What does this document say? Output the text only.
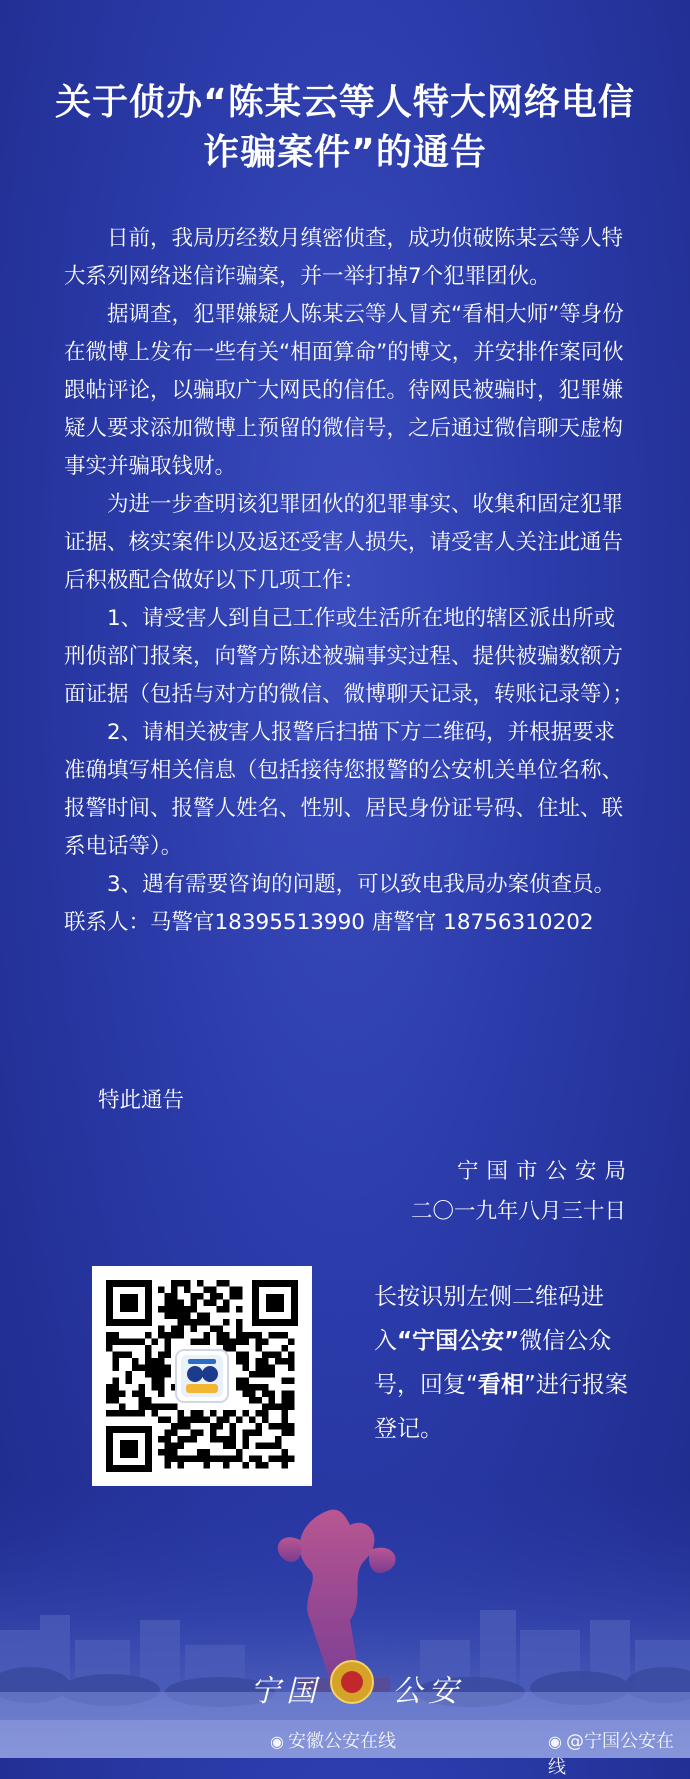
关于侦办“陈某云等人特大网络电信
诈骗案件”的通告

日前，我局历经数月缜密侦查，成功侦破陈某云等人特大系列网络迷信诈骗案，并一举打掉7个犯罪团伙。

据调查，犯罪嫌疑人陈某云等人冒充“看相大师”等身份在微博上发布一些有关“相面算命”的博文，并安排作案同伙跟帖评论，以骗取广大网民的信任。待网民被骗时，犯罪嫌疑人要求添加微博上预留的微信号，之后通过微信聊天虚构事实并骗取钱财。

为进一步查明该犯罪团伙的犯罪事实、收集和固定犯罪证据、核实案件以及返还受害人损失，请受害人关注此通告后积极配合做好以下几项工作：

1、请受害人到自己工作或生活所在地的辖区派出所或刑侦部门报案，向警方陈述被骗事实过程、提供被骗数额方面证据（包括与对方的微信、微博聊天记录，转账记录等）；

2、请相关被害人报警后扫描下方二维码，并根据要求准确填写相关信息（包括接待您报警的公安机关单位名称、报警时间、报警人姓名、性别、居民身份证号码、住址、联系电话等）。

3、遇有需要咨询的问题，可以致电我局办案侦查员。

联系人：马警官18395513990 唐警官 18756310202

特此通告
宁国市公安局
二〇一九年八月三十日
长按识别左侧二维码进入“宁国公安”微信公众号，回复“看相”进行报案登记。
宁国 公安
◉ 安徽公安在线	◉ @宁国公安在线
